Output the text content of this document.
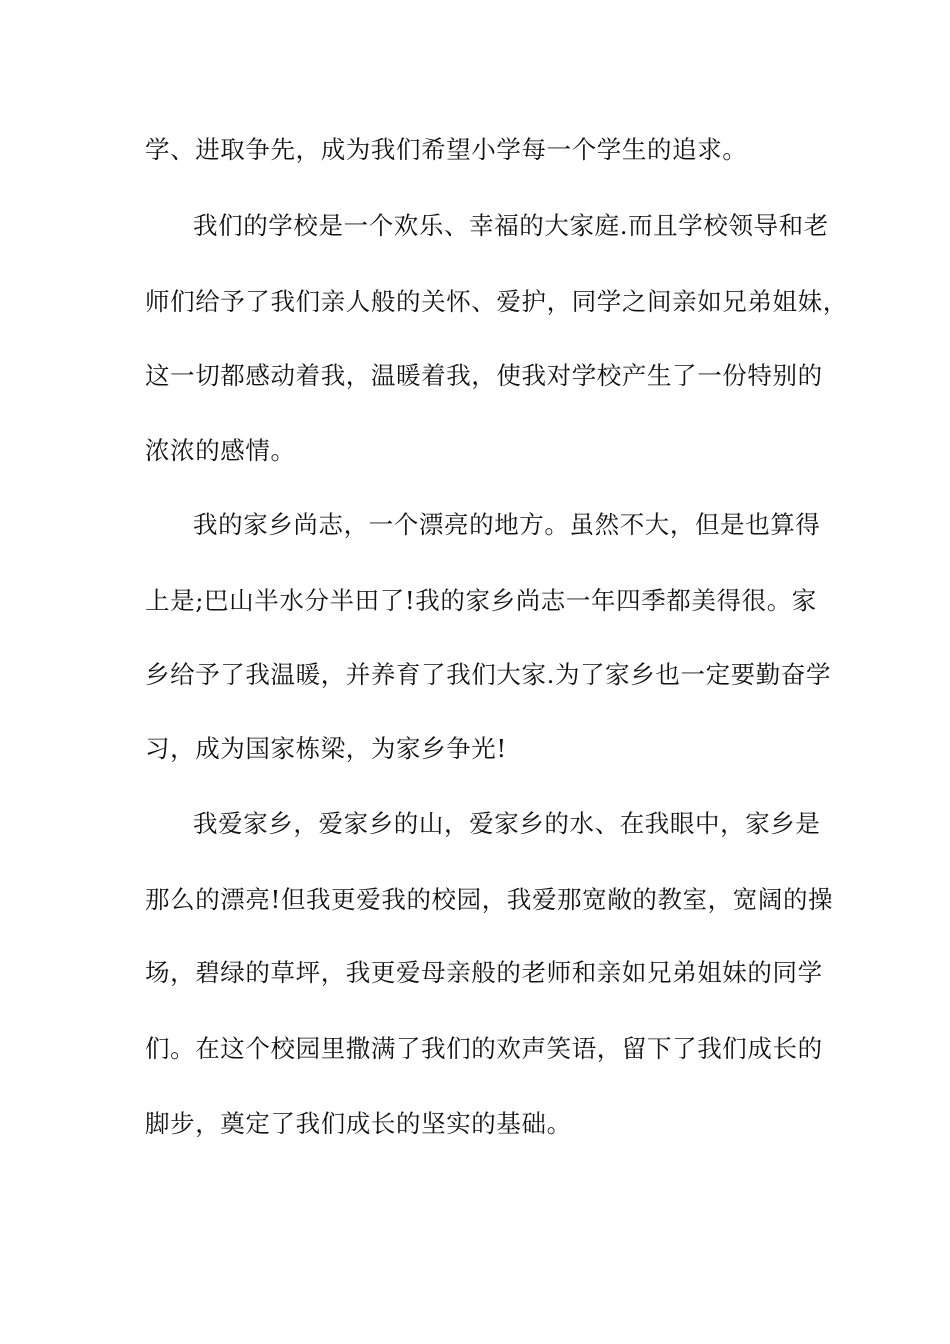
学、进取争先，成为我们希望小学每一个学生的追求。
我们的学校是一个欢乐、幸福的大家庭.而且学校领导和老
师们给予了我们亲人般的关怀、爱护，同学之间亲如兄弟姐妹，
这一切都感动着我，温暖着我，使我对学校产生了一份特别的
浓浓的感情。
我的家乡尚志，一个漂亮的地方。虽然不大，但是也算得
上是;巴山半水分半田了!我的家乡尚志一年四季都美得很。家
乡给予了我温暖，并养育了我们大家.为了家乡也一定要勤奋学
习，成为国家栋梁，为家乡争光!
我爱家乡，爱家乡的山，爱家乡的水、在我眼中，家乡是
那么的漂亮!但我更爱我的校园，我爱那宽敞的教室，宽阔的操
场，碧绿的草坪，我更爱母亲般的老师和亲如兄弟姐妹的同学
们。在这个校园里撒满了我们的欢声笑语，留下了我们成长的
脚步，奠定了我们成长的坚实的基础。
